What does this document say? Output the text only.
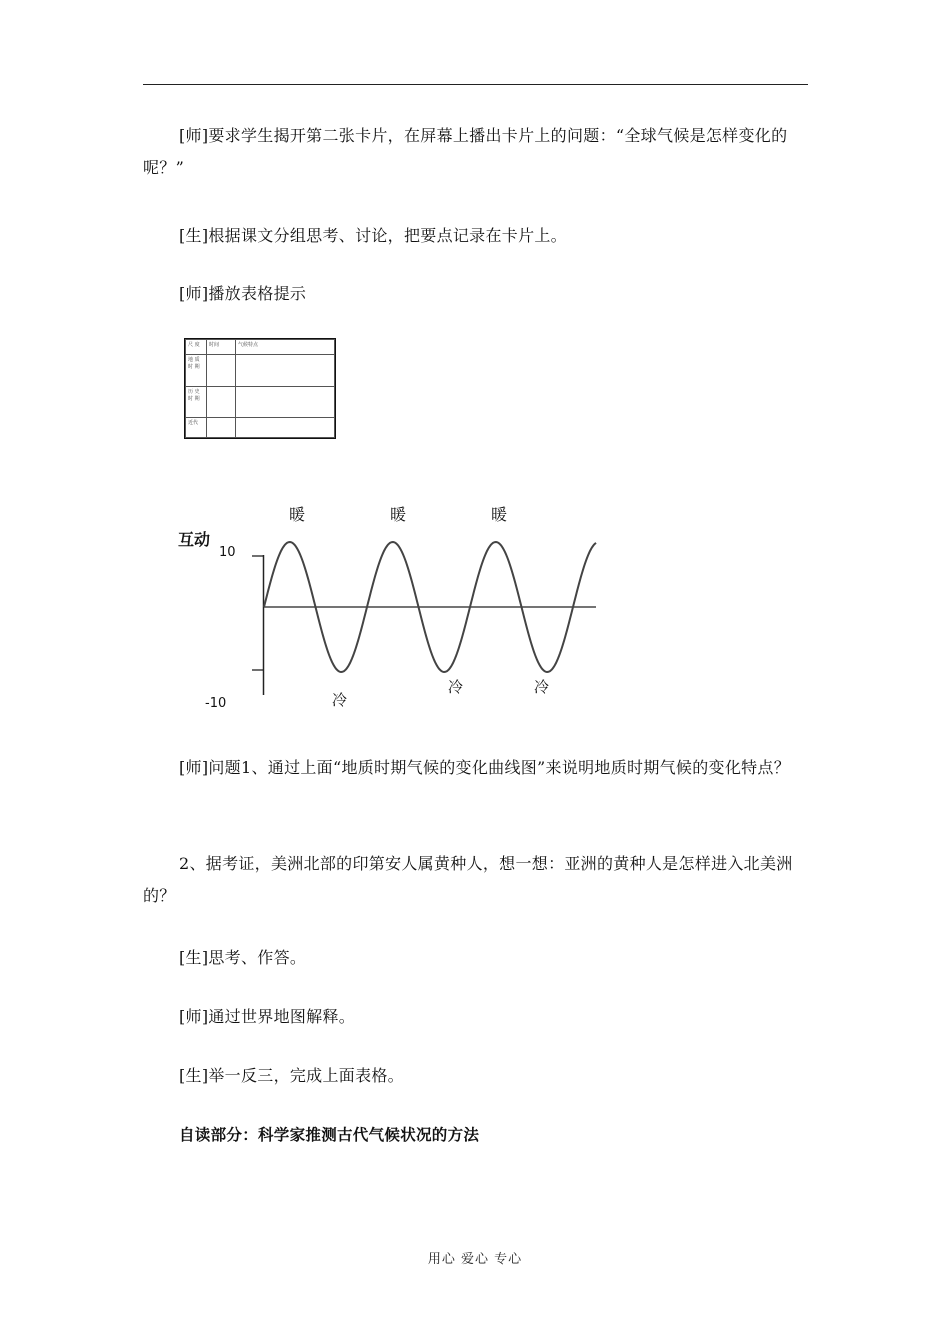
[师]要求学生揭开第二张卡片，在屏幕上播出卡片上的问题：“全球气候是怎样变化的呢？”

[生]根据课文分组思考、讨论，把要点记录在卡片上。

[师]播放表格提示

尺 度	时间	气候特点
地 质 时 期		
历 史 时 期		
近代		
互动
暖	暖	暖
10
-10	冷
冷	冷

[师]问题1、通过上面“地质时期气候的变化曲线图”来说明地质时期气候的变化特点？

2、据考证，美洲北部的印第安人属黄种人，想一想：亚洲的黄种人是怎样进入北美洲的？

[生]思考、作答。

[师]通过世界地图解释。

[生]举一反三，完成上面表格。

自读部分：科学家推测古代气候状况的方法

用心 爱心 专心
